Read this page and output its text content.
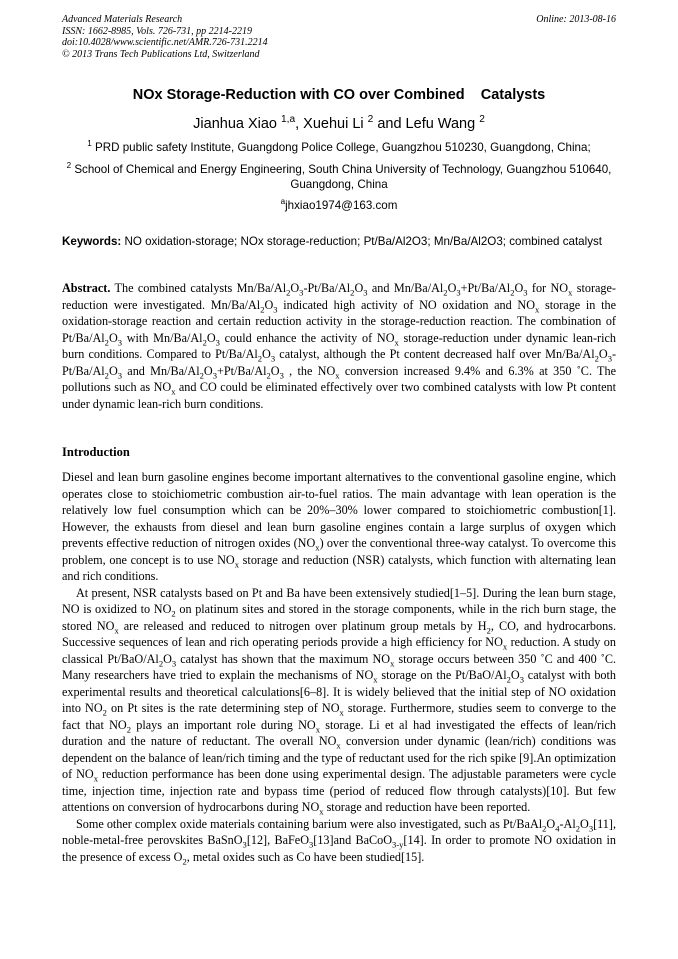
Advanced Materials Research
ISSN: 1662-8985, Vols. 726-731, pp 2214-2219
doi:10.4028/www.scientific.net/AMR.726-731.2214
© 2013 Trans Tech Publications Ltd, Switzerland
Online: 2013-08-16
NOx Storage-Reduction with CO over Combined    Catalysts
Jianhua Xiao $^{1,a}$, Xuehui Li $^2$ and Lefu Wang $^2$
$^1$ PRD public safety Institute, Guangdong Police College, Guangzhou 510230, Guangdong, China;
$^2$ School of Chemical and Energy Engineering, South China University of Technology, Guangzhou 510640, Guangdong, China
$^a$jhxiao1974@163.com
Keywords: NO oxidation-storage; NOx storage-reduction; Pt/Ba/Al2O3; Mn/Ba/Al2O3; combined catalyst
Abstract. The combined catalysts $Mn/Ba/Al_2O_3-Pt/Ba/Al_2O_3$ and $Mn/Ba/Al_2O_3+Pt/Ba/Al_2O_3$ for $NO_x$ storage-reduction were investigated. $Mn/Ba/Al_2O_3$ indicated high activity of NO oxidation and $NO_x$ storage in the oxidation-storage reaction and certain reduction activity in the storage-reduction reaction. The combination of $Pt/Ba/Al_2O_3$ with $Mn/Ba/Al_2O_3$ could enhance the activity of $NO_x$ storage-reduction under dynamic lean-rich burn conditions. Compared to $Pt/Ba/Al_2O_3$ catalyst, although the Pt content decreased half over $Mn/Ba/Al_2O_3-Pt/Ba/Al_2O_3$ and $Mn/Ba/Al_2O_3+Pt/Ba/Al_2O_3$ , the $NO_x$ conversion increased 9.4% and 6.3% at 350 ˚C. The pollutions such as $NO_x$ and CO could be eliminated effectively over two combined catalysts with low Pt content under dynamic lean-rich burn conditions.
Introduction

Diesel and lean burn gasoline engines become important alternatives to the conventional gasoline engine, which operates close to stoichiometric combustion air-to-fuel ratios. The main advantage with lean operation is the relatively low fuel consumption which can be 20%–30% lower compared to stoichiometric combustion[1]. However, the exhausts from diesel and lean burn gasoline engines contain a large surplus of oxygen which prevents effective reduction of nitrogen oxides $(NO_x)$ over the conventional three-way catalyst. To overcome this problem, one concept is to use $NO_x$ storage and reduction (NSR) catalysts, which function with alternating lean and rich conditions.

At present, NSR catalysts based on Pt and Ba have been extensively studied[1–5]. During the lean burn stage, NO is oxidized to $NO_2$ on platinum sites and stored in the storage components, while in the rich burn stage, the stored $NO_x$ are released and reduced to nitrogen over platinum group metals by $H_2$, CO, and hydrocarbons. Successive sequences of lean and rich operating periods provide a high efficiency for $NO_x$ reduction. A study on classical $Pt/BaO/Al_2O_3$ catalyst has shown that the maximum $NO_x$ storage occurs between 350 ˚C and 400 ˚C. Many researchers have tried to explain the mechanisms of $NO_x$ storage on the $Pt/BaO/Al_2O_3$ catalyst with both experimental results and theoretical calculations[6–8]. It is widely believed that the initial step of NO oxidation into $NO_2$ on Pt sites is the rate determining step of $NO_x$ storage. Furthermore, studies seem to converge to the fact that $NO_2$ plays an important role during $NO_x$ storage. Li et al had investigated the effects of lean/rich duration and the nature of reductant. The overall $NO_x$ conversion under dynamic (lean/rich) conditions was dependent on the balance of lean/rich timing and the type of reductant used for the rich spike [9].An optimization of $NO_x$ reduction performance has been done using experimental design. The adjustable parameters were cycle time, injection time, injection rate and bypass time (period of reduced flow through catalysts)[10]. But few attentions on conversion of hydrocarbons during $NO_x$ storage and reduction have been reported.

Some other complex oxide materials containing barium were also investigated, such as $Pt/BaAl_2O_4-Al_2O_3[11]$, noble-metal-free perovskites BaSnO$_3$[12], BaFeO$_3$[13]and BaCoO$_{3-y}$[14]. In order to promote NO oxidation in the presence of excess $O_2$, metal oxides such as Co have been studied[15].
